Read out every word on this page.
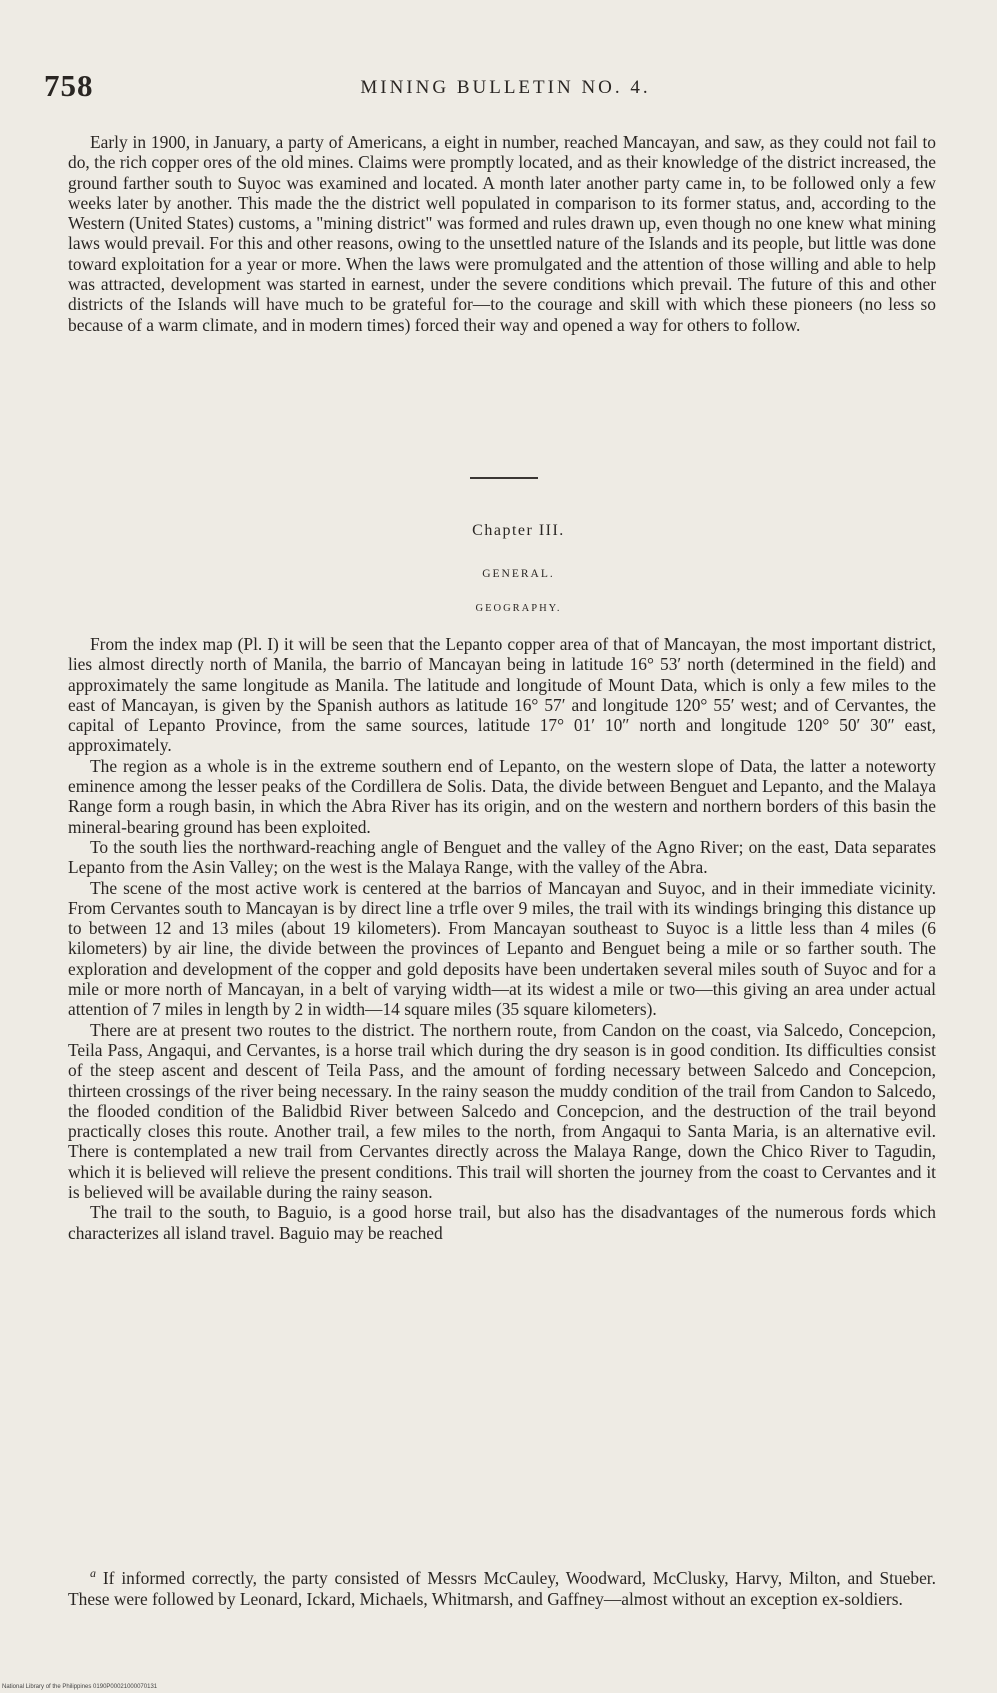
758	MINING BULLETIN NO. 4.

Early in 1900, in January, a party of Americans, a eight in number, reached Mancayan, and saw, as they could not fail to do, the rich copper ores of the old mines. Claims were promptly located, and as their knowledge of the district increased, the ground farther south to Suyoc was examined and located. A month later another party came in, to be followed only a few weeks later by another. This made the the district well populated in comparison to its former status, and, according to the Western (United States) customs, a "mining district" was formed and rules drawn up, even though no one knew what mining laws would prevail. For this and other reasons, owing to the unsettled nature of the Islands and its people, but little was done toward exploitation for a year or more. When the laws were promulgated and the attention of those willing and able to help was attracted, development was started in earnest, under the severe conditions which prevail. The future of this and other districts of the Islands will have much to be grateful for—to the courage and skill with which these pioneers (no less so because of a warm climate, and in modern times) forced their way and opened a way for others to follow.

Chapter III.
GENERAL.
GEOGRAPHY.

From the index map (Pl. I) it will be seen that the Lepanto copper area of that of Mancayan, the most important district, lies almost directly north of Manila, the barrio of Mancayan being in latitude 16° 53′ north (determined in the field) and approximately the same longitude as Manila. The latitude and longitude of Mount Data, which is only a few miles to the east of Mancayan, is given by the Spanish authors as latitude 16° 57′ and longitude 120° 55′ west; and of Cervantes, the capital of Lepanto Province, from the same sources, latitude 17° 01′ 10″ north and longitude 120° 50′ 30″ east, approximately.

The region as a whole is in the extreme southern end of Lepanto, on the western slope of Data, the latter a noteworty eminence among the lesser peaks of the Cordillera de Solis. Data, the divide between Benguet and Lepanto, and the Malaya Range form a rough basin, in which the Abra River has its origin, and on the western and northern borders of this basin the mineral-bearing ground has been exploited.

To the south lies the northward-reaching angle of Benguet and the valley of the Agno River; on the east, Data separates Lepanto from the Asin Valley; on the west is the Malaya Range, with the valley of the Abra.

The scene of the most active work is centered at the barrios of Mancayan and Suyoc, and in their immediate vicinity. From Cervantes south to Mancayan is by direct line a trfle over 9 miles, the trail with its windings bringing this distance up to between 12 and 13 miles (about 19 kilometers). From Mancayan southeast to Suyoc is a little less than 4 miles (6 kilometers) by air line, the divide between the provinces of Lepanto and Benguet being a mile or so farther south. The exploration and development of the copper and gold deposits have been undertaken several miles south of Suyoc and for a mile or more north of Mancayan, in a belt of varying width—at its widest a mile or two—this giving an area under actual attention of 7 miles in length by 2 in width—14 square miles (35 square kilometers).

There are at present two routes to the district. The northern route, from Candon on the coast, via Salcedo, Concepcion, Teila Pass, Angaqui, and Cervantes, is a horse trail which during the dry season is in good condition. Its difficulties consist of the steep ascent and descent of Teila Pass, and the amount of fording necessary between Salcedo and Concepcion, thirteen crossings of the river being necessary. In the rainy season the muddy condition of the trail from Candon to Salcedo, the flooded condition of the Balidbid River between Salcedo and Concepcion, and the destruction of the trail beyond practically closes this route. Another trail, a few miles to the north, from Angaqui to Santa Maria, is an alternative evil. There is contemplated a new trail from Cervantes directly across the Malaya Range, down the Chico River to Tagudin, which it is believed will relieve the present conditions. This trail will shorten the journey from the coast to Cervantes and it is believed will be available during the rainy season.

The trail to the south, to Baguio, is a good horse trail, but also has the disadvantages of the numerous fords which characterizes all island travel. Baguio may be reached

$^a$ If informed correctly, the party consisted of Messrs McCauley, Woodward, McClusky, Harvy, Milton, and Stueber. These were followed by Leonard, Ickard, Michaels, Whitmarsh, and Gaffney—almost without an exception ex-soldiers.

National Library of the Philippines 0190P00021000070131
